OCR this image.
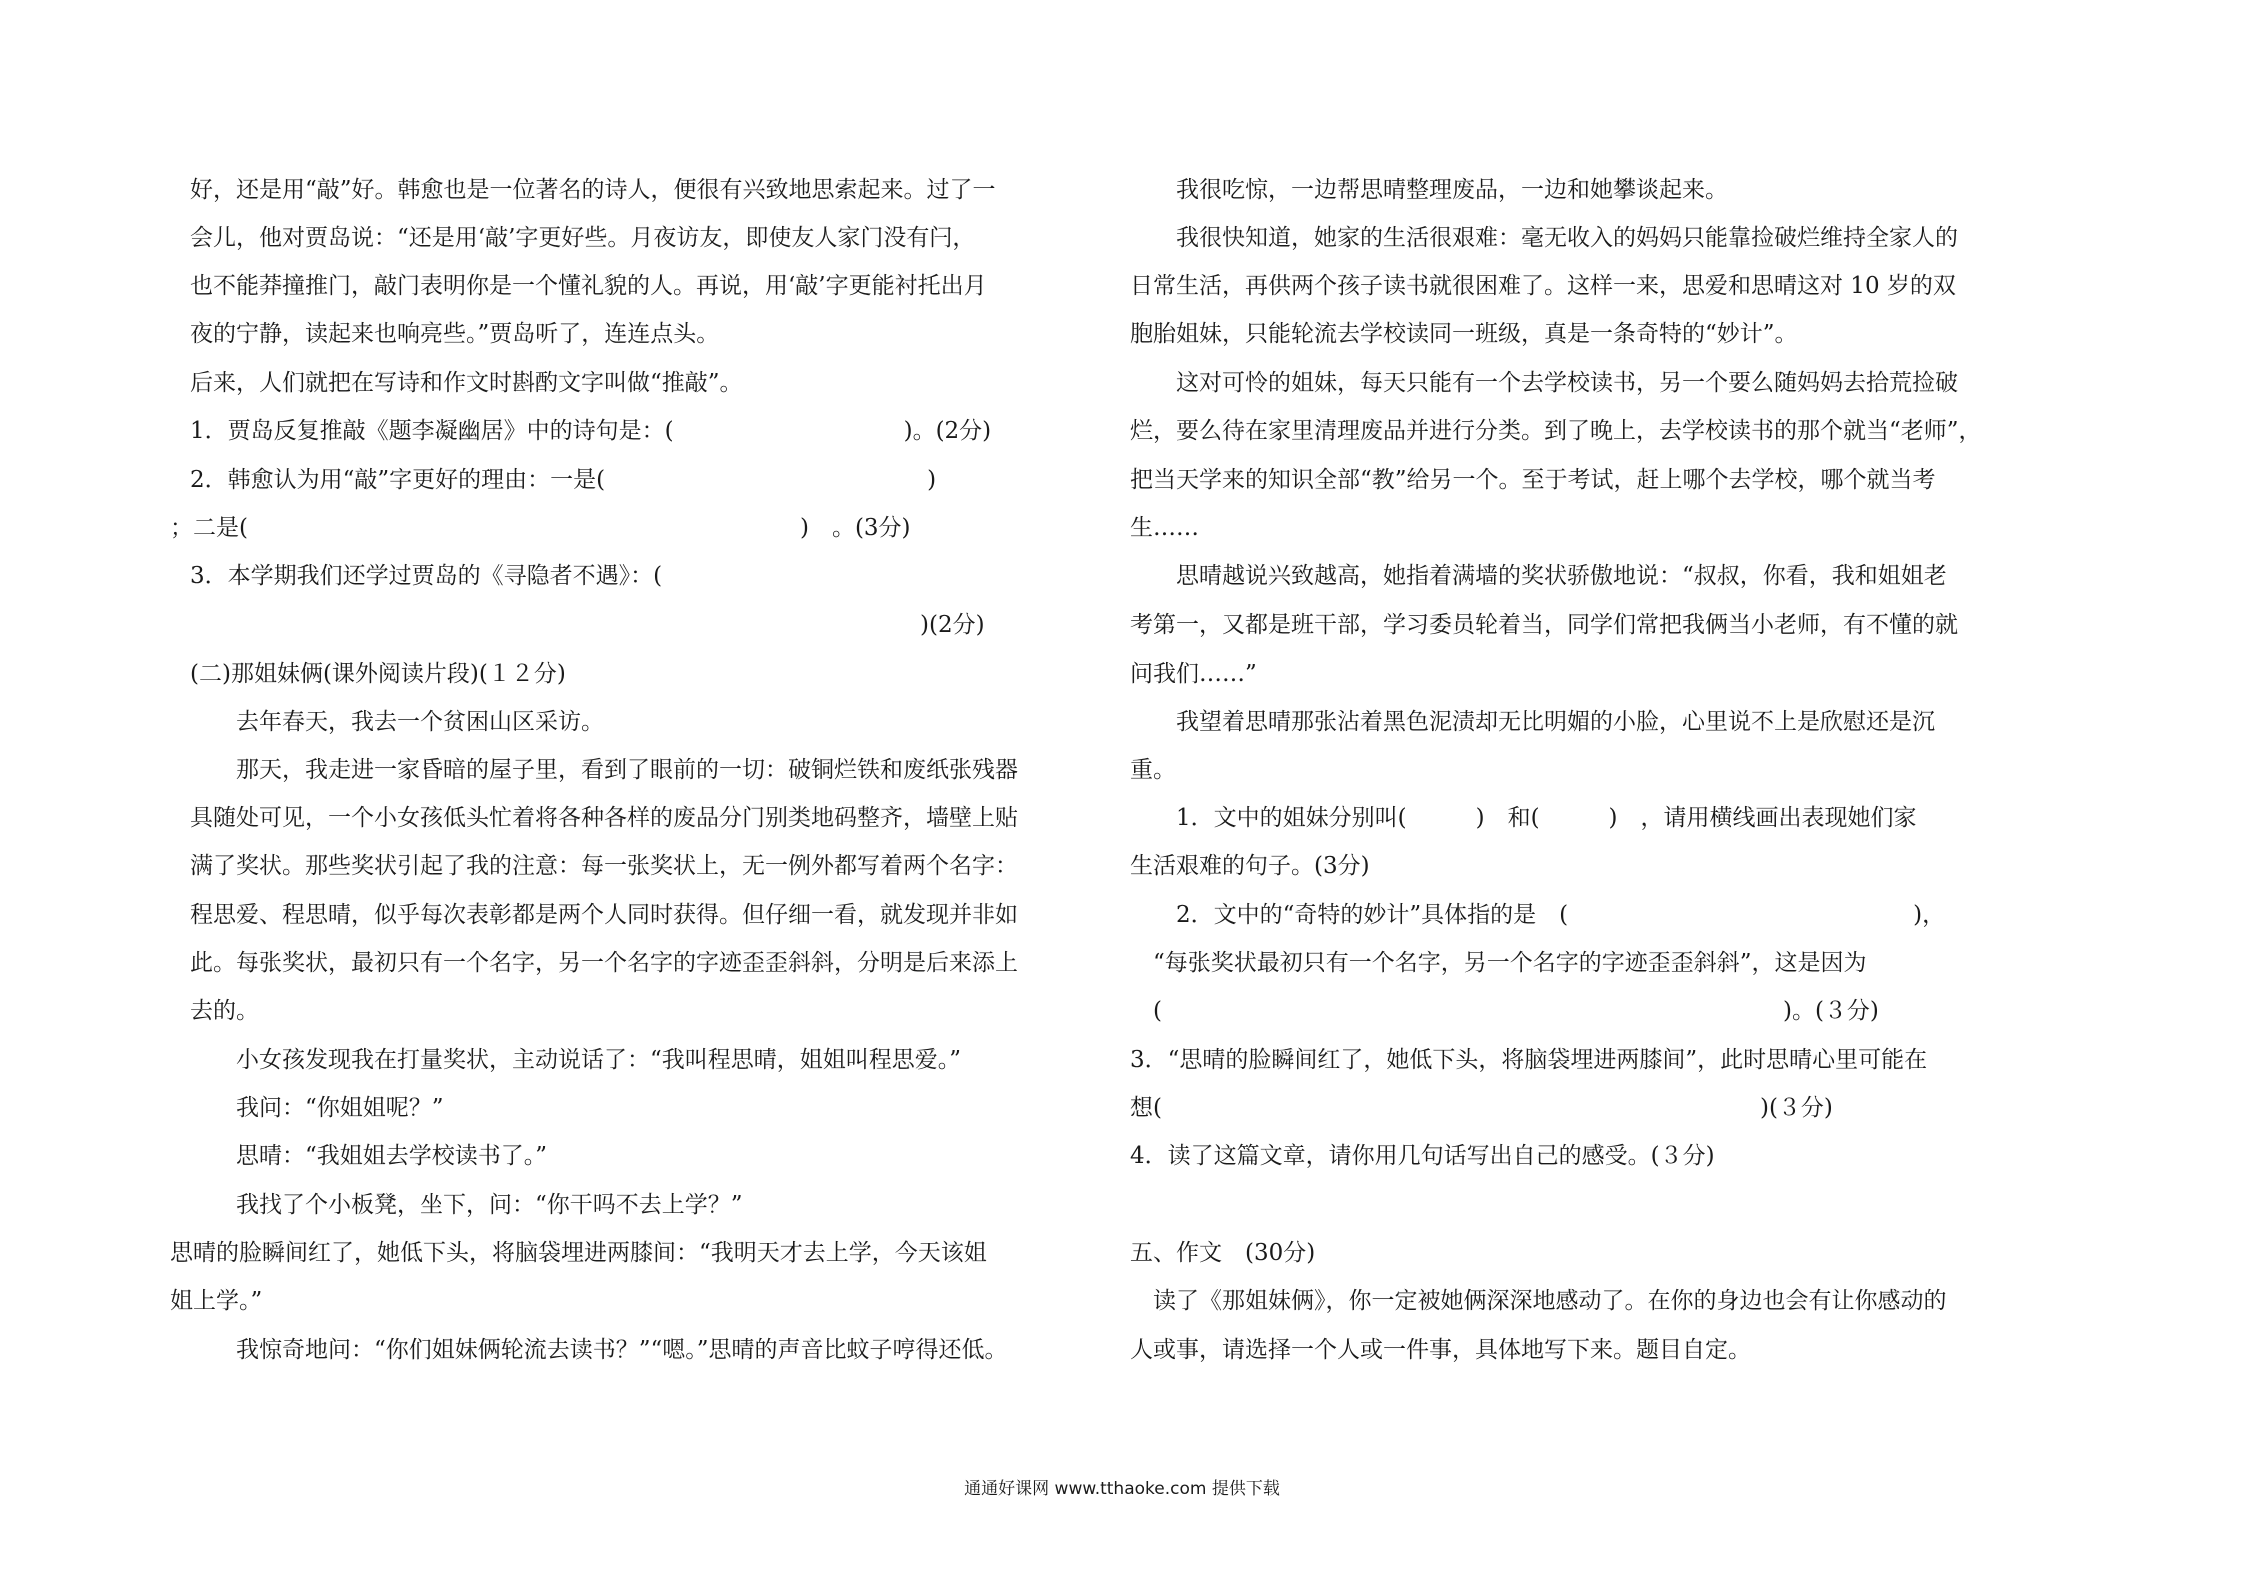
好，还是用“敲”好。韩愈也是一位著名的诗人，便很有兴致地思索起来。过了一
会儿，他对贾岛说：“还是用‘敲’字更好些。月夜访友，即使友人家门没有闩，
也不能莽撞推门，敲门表明你是一个懂礼貌的人。再说，用‘敲’字更能衬托出月
夜的宁静，读起来也响亮些。”贾岛听了，连连点头。
后来，人们就把在写诗和作文时斟酌文字叫做“推敲”。
1．贾岛反复推敲《题李凝幽居》中的诗句是：(　　　　　　　　　　)。(2分)
2．韩愈认为用“敲”字更好的理由：一是(　　　　　　　　　　　　　　)
；二是(　　　　　　　　　　　　　　　　　　　　　　　　)　。(3分)
3．本学期我们还学过贾岛的《寻隐者不遇》：(
)(2分)
(二)那姐妹俩(课外阅读片段)(１２分)
　　去年春天，我去一个贫困山区采访。
　　那天，我走进一家昏暗的屋子里，看到了眼前的一切：破铜烂铁和废纸张残器
具随处可见，一个小女孩低头忙着将各种各样的废品分门别类地码整齐，墙壁上贴
满了奖状。那些奖状引起了我的注意：每一张奖状上，无一例外都写着两个名字：
程思爱、程思晴，似乎每次表彰都是两个人同时获得。但仔细一看，就发现并非如
此。每张奖状，最初只有一个名字，另一个名字的字迹歪歪斜斜，分明是后来添上
去的。
　　小女孩发现我在打量奖状，主动说话了：“我叫程思晴，姐姐叫程思爱。”
　　我问：“你姐姐呢？”
　　思晴：“我姐姐去学校读书了。”
　　我找了个小板凳，坐下，问：“你干吗不去上学？”
思晴的脸瞬间红了，她低下头，将脑袋埋进两膝间：“我明天才去上学，今天该姐
姐上学。”
　　我惊奇地问：“你们姐妹俩轮流去读书？”“嗯。”思晴的声音比蚊子哼得还低。
　　我很吃惊，一边帮思晴整理废品，一边和她攀谈起来。
　　我很快知道，她家的生活很艰难：毫无收入的妈妈只能靠捡破烂维持全家人的
日常生活，再供两个孩子读书就很困难了。这样一来，思爱和思晴这对 10 岁的双
胞胎姐妹，只能轮流去学校读同一班级，真是一条奇特的“妙计”。
　　这对可怜的姐妹，每天只能有一个去学校读书，另一个要么随妈妈去拾荒捡破
烂，要么待在家里清理废品并进行分类。到了晚上，去学校读书的那个就当“老师”，
把当天学来的知识全部“教”给另一个。至于考试，赶上哪个去学校，哪个就当考
生……
　　思晴越说兴致越高，她指着满墙的奖状骄傲地说：“叔叔，你看，我和姐姐老
考第一，又都是班干部，学习委员轮着当，同学们常把我俩当小老师，有不懂的就
问我们……”
　　我望着思晴那张沾着黑色泥渍却无比明媚的小脸，心里说不上是欣慰还是沉
重。
　　1．文中的姐妹分别叫(　　　)　和(　　　)　，请用横线画出表现她们家
生活艰难的句子。(3分)
　　2．文中的“奇特的妙计”具体指的是　(　　　　　　　　　　　　　　　)，
　“每张奖状最初只有一个名字，另一个名字的字迹歪歪斜斜”，这是因为
　(　　　　　　　　　　　　　　　　　　　　　　　　　　　)。(３分)
3．“思晴的脸瞬间红了，她低下头，将脑袋埋进两膝间”，此时思晴心里可能在
想(　　　　　　　　　　　　　　　　　　　　　　　　　　)(３分)
4．读了这篇文章，请你用几句话写出自己的感受。(３分)
五、作文　(30分)
　读了《那姐妹俩》，你一定被她俩深深地感动了。在你的身边也会有让你感动的
人或事，请选择一个人或一件事，具体地写下来。题目自定。
通通好课网 www.tthaoke.com 提供下载
